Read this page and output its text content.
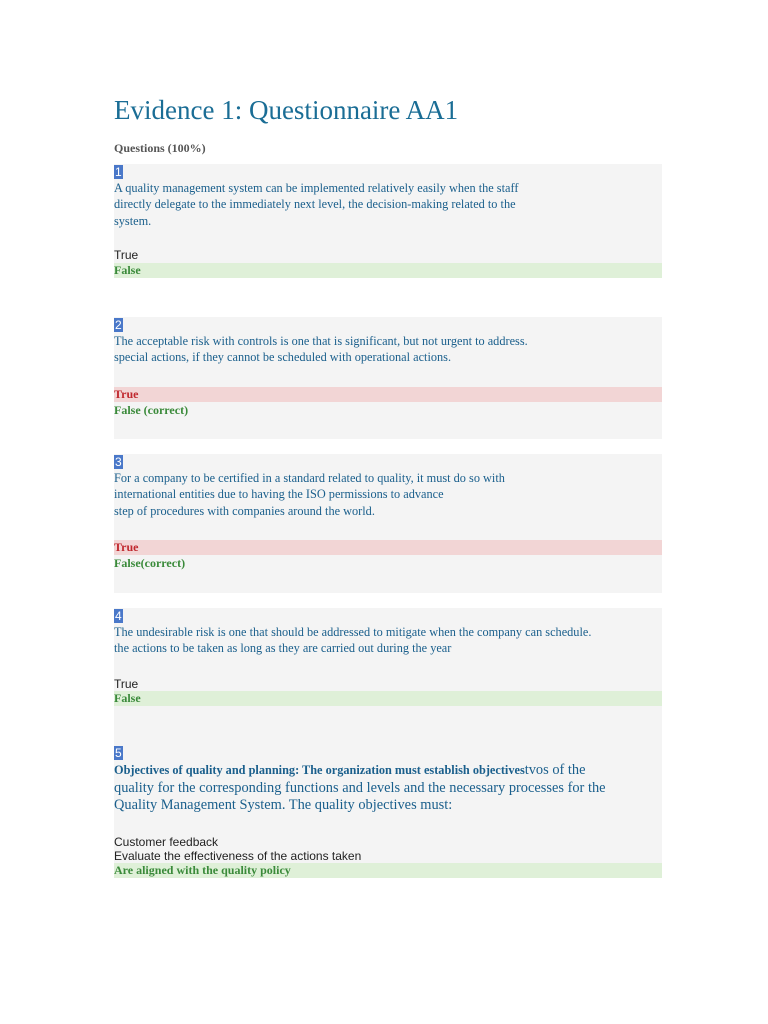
Evidence 1: Questionnaire AA1
Questions (100%)
1
A quality management system can be implemented relatively easily when the staff
directly delegate to the immediately next level, the decision-making related to the
system.
True
False
2
The acceptable risk with controls is one that is significant, but not urgent to address.
special actions, if they cannot be scheduled with operational actions.
True
False (correct)
3
For a company to be certified in a standard related to quality, it must do so with
international entities due to having the ISO permissions to advance
step of procedures with companies around the world.
True
False(correct)
4
The undesirable risk is one that should be addressed to mitigate when the company can schedule.
the actions to be taken as long as they are carried out during the year
True
False
5
Objectives of quality and planning: The organization must establish objectivestvos of the
quality for the corresponding functions and levels and the necessary processes for the
Quality Management System. The quality objectives must:
Customer feedback
Evaluate the effectiveness of the actions taken
Are aligned with the quality policy
